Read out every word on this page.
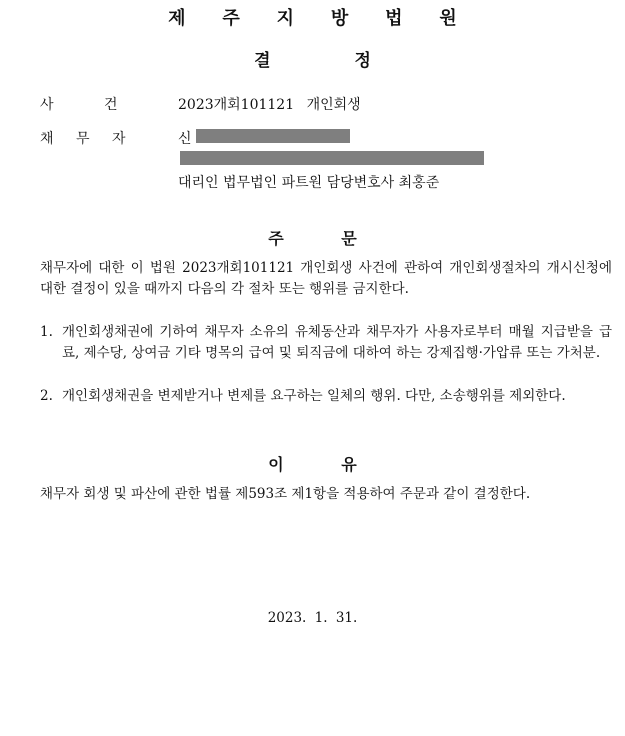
제 주 지 방 법 원
결 정
사 건	2023개회101121 개인회생
채 무 자	신
대리인 법무법인 파트원 담당변호사 최홍준
주 문
채무자에 대한 이 법원 2023개회101121 개인회생 사건에 관하여 개인회생절차의 개시신청에 대한 결정이 있을 때까지 다음의 각 절차 또는 행위를 금지한다.
1. 개인회생채권에 기하여 채무자 소유의 유체동산과 채무자가 사용자로부터 매월 지급받을 급료, 제수당, 상여금 기타 명목의 급여 및 퇴직금에 대하여 하는 강제집행·가압류 또는 가처분.
2. 개인회생채권을 변제받거나 변제를 요구하는 일체의 행위. 다만, 소송행위를 제외한다.
이 유
채무자 회생 및 파산에 관한 법률 제593조 제1항을 적용하여 주문과 같이 결정한다.
2023. 1. 31.
